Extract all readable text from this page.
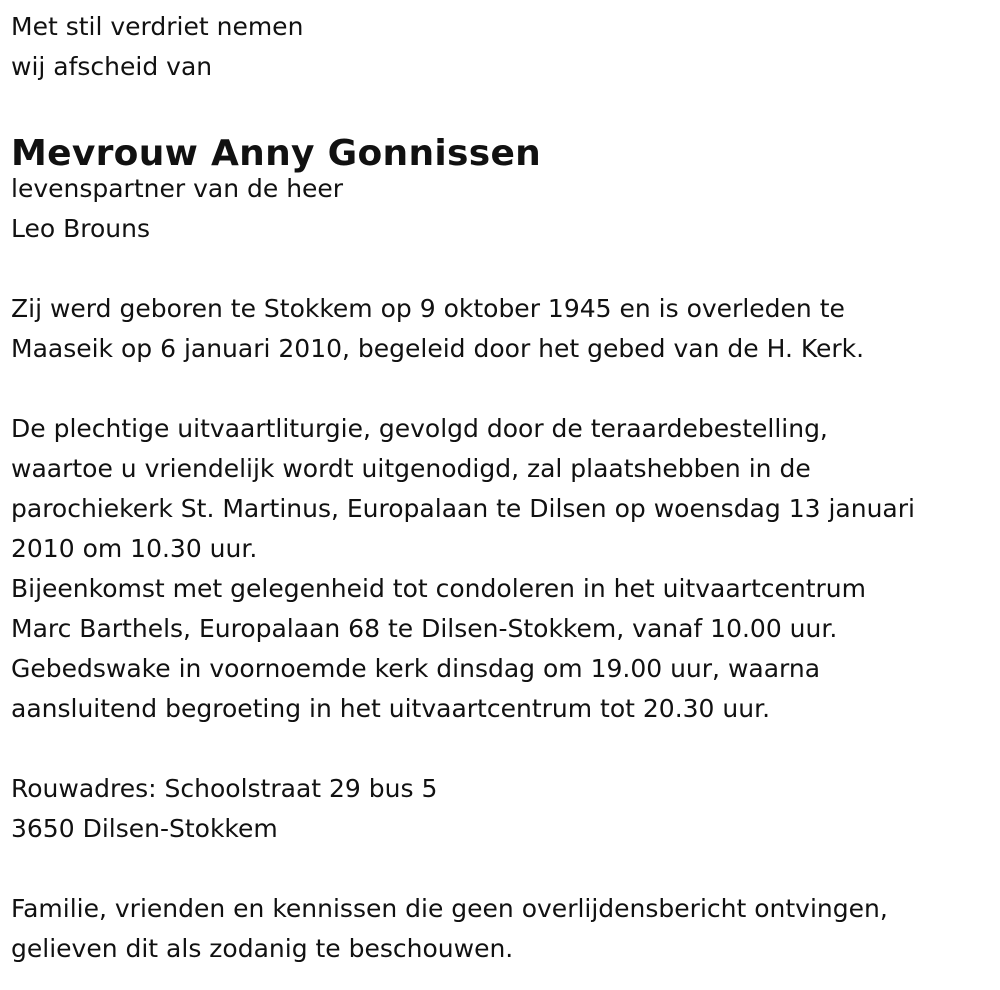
Met stil verdriet nemen
wij afscheid van
Mevrouw Anny Gonnissen
levenspartner van de heer
Leo Brouns
Zij werd geboren te Stokkem op 9 oktober 1945 en is overleden te
Maaseik op 6 januari 2010, begeleid door het gebed van de H. Kerk.
De plechtige uitvaartliturgie, gevolgd door de teraardebestelling,
waartoe u vriendelijk wordt uitgenodigd, zal plaatshebben in de
parochiekerk St. Martinus, Europalaan te Dilsen op woensdag 13 januari
2010 om 10.30 uur.
Bijeenkomst met gelegenheid tot condoleren in het uitvaartcentrum
Marc Barthels, Europalaan 68 te Dilsen-Stokkem, vanaf 10.00 uur.
Gebedswake in voornoemde kerk dinsdag om 19.00 uur, waarna
aansluitend begroeting in het uitvaartcentrum tot 20.30 uur.
Rouwadres: Schoolstraat 29 bus 5
3650 Dilsen-Stokkem
Familie, vrienden en kennissen die geen overlijdensbericht ontvingen,
gelieven dit als zodanig te beschouwen.
